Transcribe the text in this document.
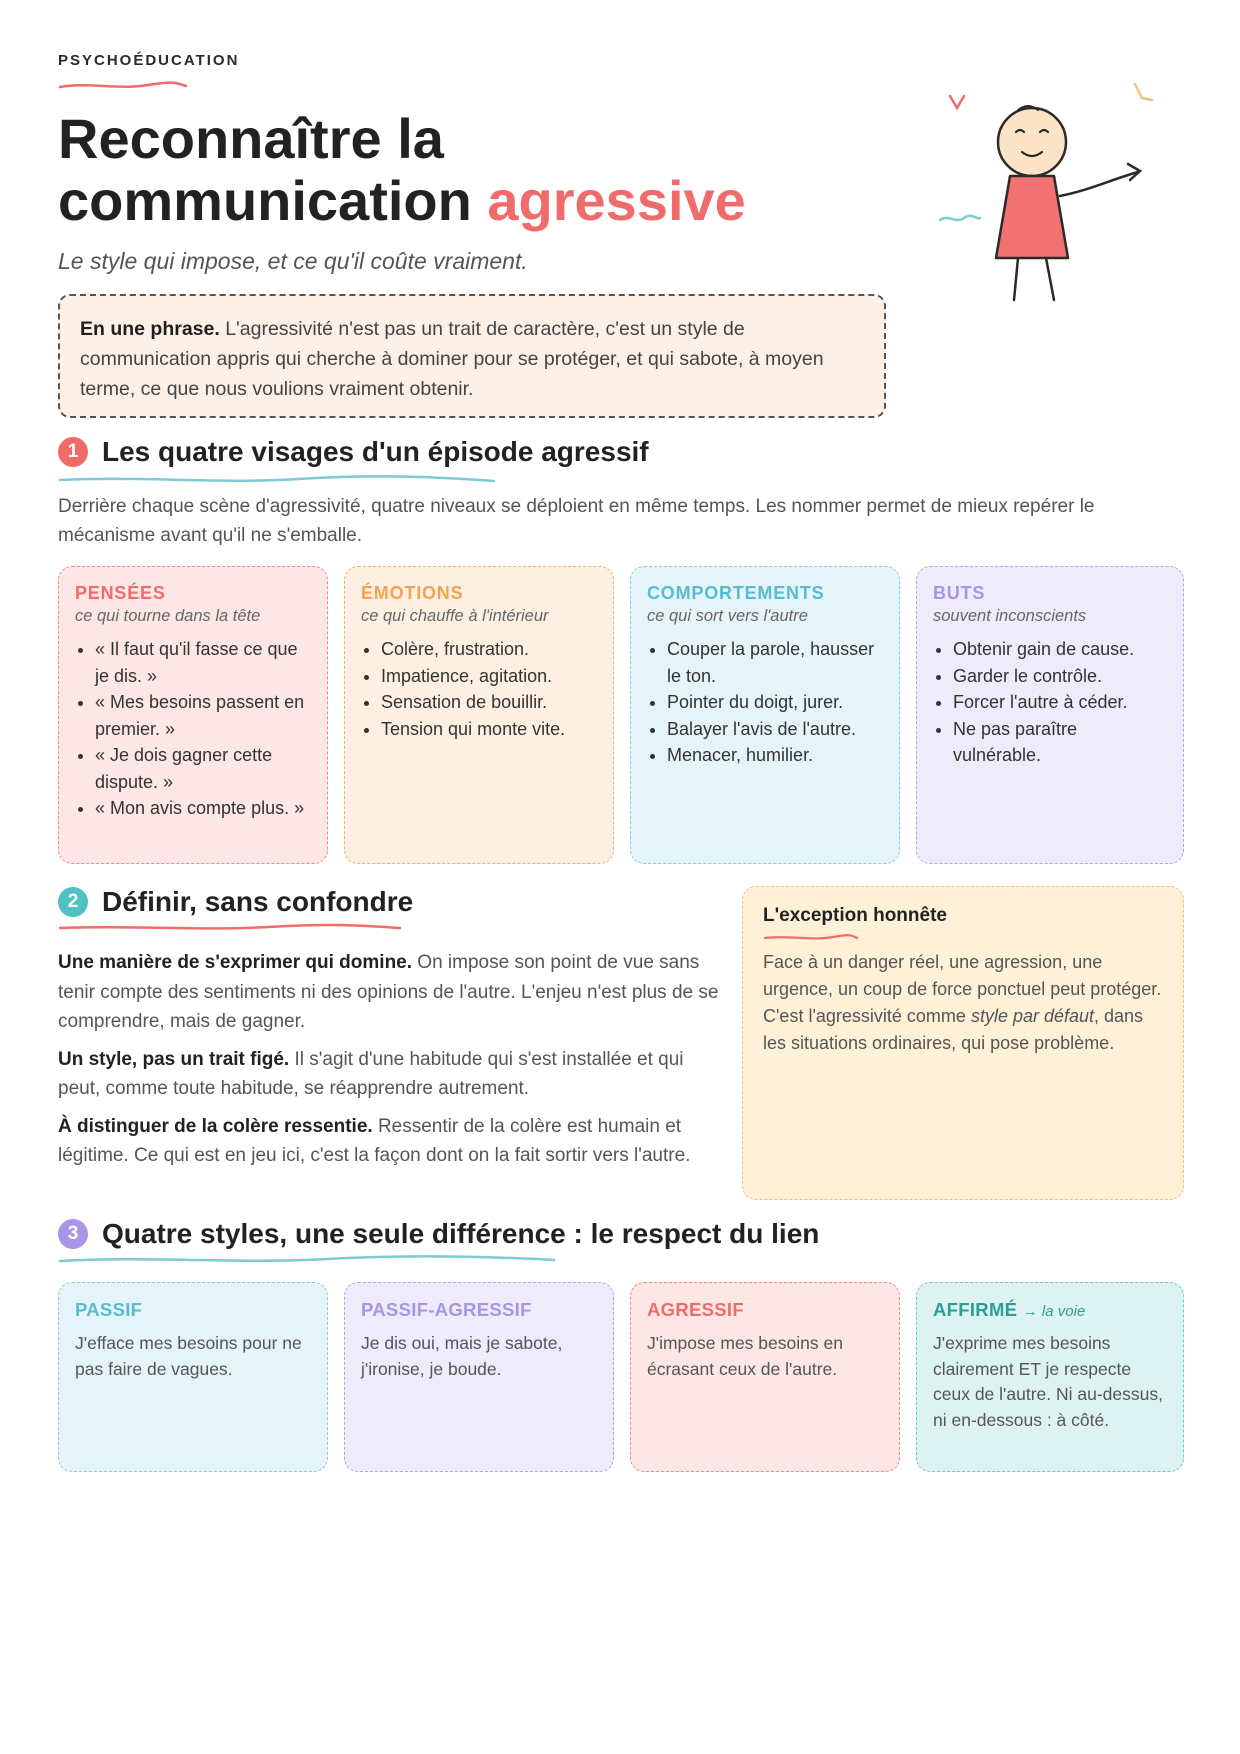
PSYCHOÉDUCATION
Reconnaître la
communication agressive
Le style qui impose, et ce qu'il coûte vraiment.
En une phrase. L'agressivité n'est pas un trait de caractère, c'est un style de communication appris qui cherche à dominer pour se protéger, et qui sabote, à moyen terme, ce que nous voulions vraiment obtenir.
1 Les quatre visages d'un épisode agressif
Derrière chaque scène d'agressivité, quatre niveaux se déploient en même temps. Les nommer permet de mieux repérer le mécanisme avant qu'il ne s'emballe.
PENSÉES
ce qui tourne dans la tête
• « Il faut qu'il fasse ce que je dis. »
• « Mes besoins passent en premier. »
• « Je dois gagner cette dispute. »
• « Mon avis compte plus. »
ÉMOTIONS
ce qui chauffe à l'intérieur
• Colère, frustration.
• Impatience, agitation.
• Sensation de bouillir.
• Tension qui monte vite.
COMPORTEMENTS
ce qui sort vers l'autre
• Couper la parole, hausser le ton.
• Pointer du doigt, jurer.
• Balayer l'avis de l'autre.
• Menacer, humilier.
BUTS
souvent inconscients
• Obtenir gain de cause.
• Garder le contrôle.
• Forcer l'autre à céder.
• Ne pas paraître vulnérable.
2 Définir, sans confondre

Une manière de s'exprimer qui domine. On impose son point de vue sans tenir compte des sentiments ni des opinions de l'autre. L'enjeu n'est plus de se comprendre, mais de gagner.

Un style, pas un trait figé. Il s'agit d'une habitude qui s'est installée et qui peut, comme toute habitude, se réapprendre autrement.

À distinguer de la colère ressentie. Ressentir de la colère est humain et légitime. Ce qui est en jeu ici, c'est la façon dont on la fait sortir vers l'autre.

L'exception honnête
Face à un danger réel, une agression, une urgence, un coup de force ponctuel peut protéger. C'est l'agressivité comme style par défaut, dans les situations ordinaires, qui pose problème.
3 Quatre styles, une seule différence : le respect du lien
PASSIF
J'efface mes besoins pour ne pas faire de vagues.
PASSIF-AGRESSIF
Je dis oui, mais je sabote, j'ironise, je boude.
AGRESSIF
J'impose mes besoins en écrasant ceux de l'autre.
AFFIRMÉ → la voie
J'exprime mes besoins clairement ET je respecte ceux de l'autre. Ni au-dessus, ni en-dessous : à côté.
